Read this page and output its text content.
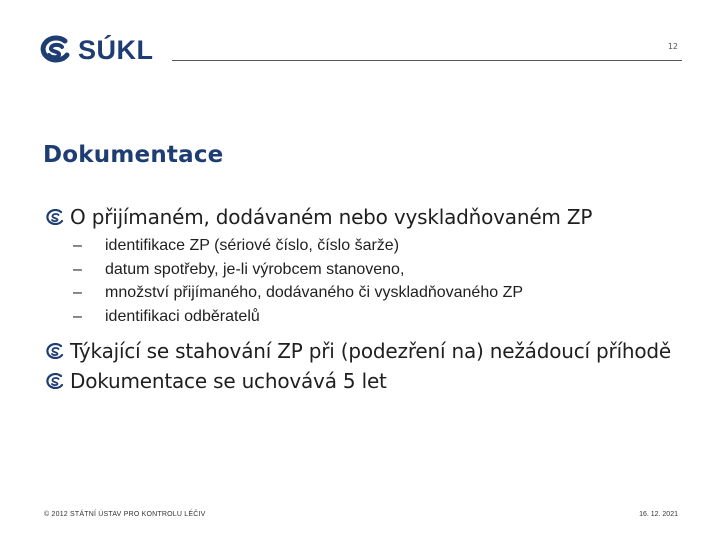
SÚKL	12
Dokumentace
O přijímaném, dodávaném nebo vyskladňovaném ZP
– identifikace ZP (sériové číslo, číslo šarže)
– datum spotřeby, je-li výrobcem stanoveno,
– množství přijímaného, dodávaného či vyskladňovaného ZP
– identifikaci odběratelů
Týkající se stahování ZP při (podezření na) nežádoucí příhodě
Dokumentace se uchovává 5 let
© 2012 STÁTNÍ ÚSTAV PRO KONTROLU LÉČIV	16. 12. 2021
